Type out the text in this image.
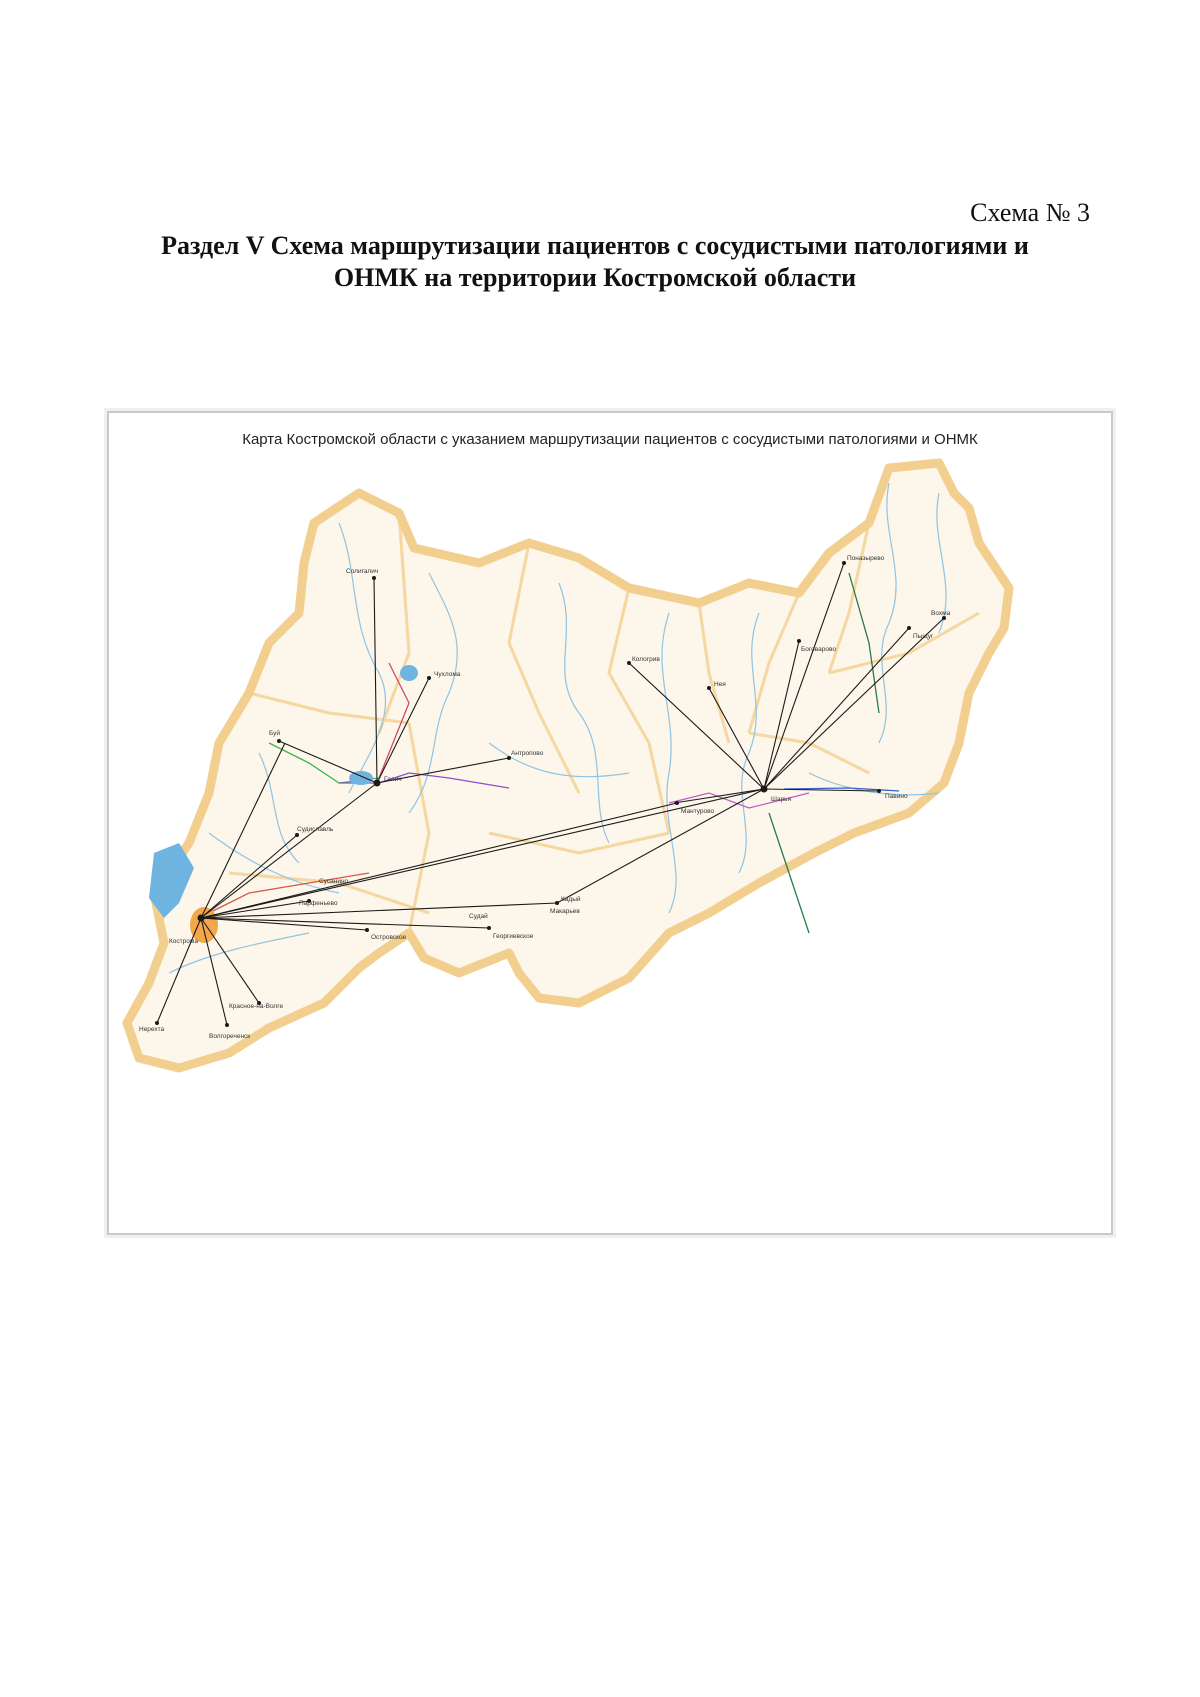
Схема № 3
Раздел V Схема маршрутизации пациентов с сосудистыми патологиями и
ОНМК на территории Костромской области
Кострома
Галич
Шарья
Солигалич
Чухлома
Буй
Судиславль
Кадый
Антропово
Мантурово
Макарьев
Кологрив
Нерехта
Красное-на-Волге
Вохма
Павино
Поназырево
Парфеньево
Нея
Островское
Пыщуг
Боговарово
Георгиевское
Сусанино
Волгореченск
Судай
Карта Костромской области с указанием маршрутизации пациентов с сосудистыми патологиями и ОНМК
